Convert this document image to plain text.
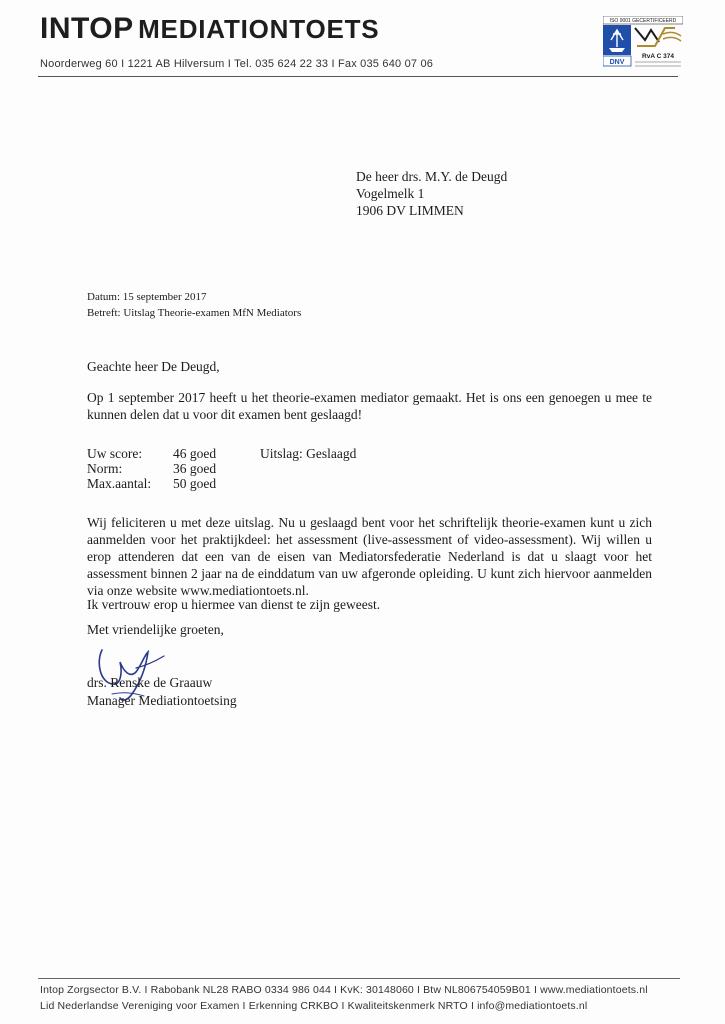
INTOP MEDIATIONTOETS
Noorderweg 60 I 1221 AB Hilversum I Tel. 035 624 22 33 I Fax 035 640 07 06
ISO 9001 GECERTIFICEERD
DNV
RvA C 374
De heer drs. M.Y. de Deugd
Vogelmelk 1
1906 DV LIMMEN
Datum: 15 september 2017
Betreft: Uitslag Theorie-examen MfN Mediators
Geachte heer De Deugd,
Op 1 september 2017 heeft u het theorie-examen mediator gemaakt. Het is ons een genoegen u mee te kunnen delen dat u voor dit examen bent geslaagd!
Uw score: 46 goed
Norm:	36 goed
Max.aantal: 50 goed
Uitslag: Geslaagd
Wij feliciteren u met deze uitslag. Nu u geslaagd bent voor het schriftelijk theorie-examen kunt u zich aanmelden voor het praktijkdeel: het assessment (live-assessment of video-assessment). Wij willen u erop attenderen dat een van de eisen van Mediatorsfederatie Nederland is dat u slaagt voor het assessment binnen 2 jaar na de einddatum van uw afgeronde opleiding. U kunt zich hiervoor aanmelden via onze website www.mediationtoets.nl.
Ik vertrouw erop u hiermee van dienst te zijn geweest.
Met vriendelijke groeten,
drs. Renske de Graauw
Manager Mediationtoetsing
Intop Zorgsector B.V. I Rabobank NL28 RABO 0334 986 044 I KvK: 30148060 I Btw NL806754059B01 I www.mediationtoets.nl
Lid Nederlandse Vereniging voor Examen I Erkenning CRKBO I Kwaliteitskenmerk NRTO I info@mediationtoets.nl
